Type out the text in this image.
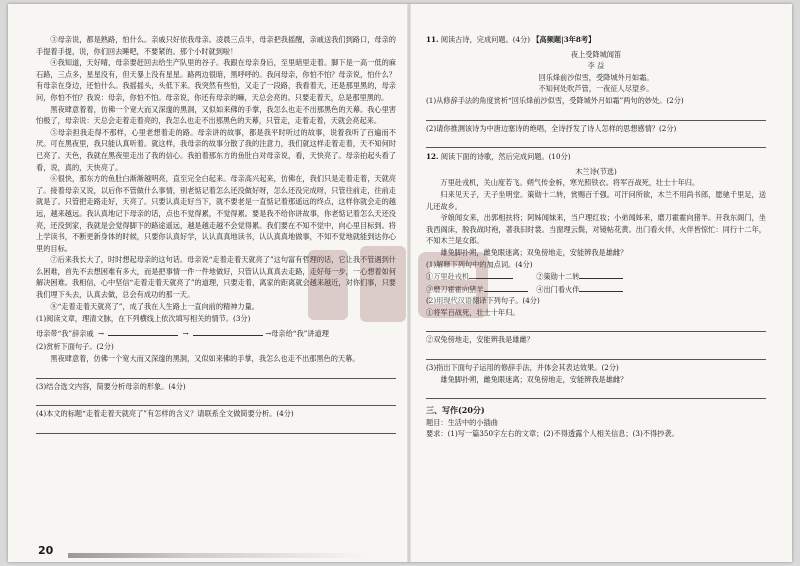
③母亲说，都是熟路，怕什么。亲戚只好依我母亲。凌晨三点半，母亲把我摇醒，亲戚送我们到路口，母亲的手提着手提，说，你们回去睡吧，不要紧的。那个小时就到啦！

④我知道，天好晴，母亲要赶回去给生产队里的谷子。我跟在母亲身后，至里暗里走着。脚下是一高一低的麻石路，三点多，星星没有，但天暴上没有星星。路两边很暗，黑呼呼的。我问母亲，你怕不怕？母亲说，怕什么？有母亲在身边，还怕什么。我摇摇头，头低下来。我突然有些怕，又走了一段路，我看着天，还是那里黑的，母亲问，你怕不怕？我说：母亲，你怕不怕。母亲说，你还有母亲的嘛，天总会亮的。只要走着天，总是那里黑的。

黑夜肆意着着，仿佛一个宽大而又深邃的黑洞，又似如来佛的手掌，我怎么也走不出那黑色的天幕。我心里害怕极了，母亲说：天总会走着走着亮的，我怎么也走不出那黑色的天幕，只管走，走着走着，天就会亮起来。

⑤母亲担我走得不那样，心里老想着走的路。母亲讲的故事，都是我平时听过的故事，说着我听了百遍而不厌。可在黑夜里，我只能认真听着。就这样，我母亲的故事分散了我的注意力，我们就这样走着走着，天不知何时已亮了。天色，我就在黑夜里走出了我的信心。我拍着那东方的鱼肚白对母亲说，看，天快亮了。母亲拍起头看了看，说，真的，天快亮了。

⑥很快，那东方的鱼肚白渐渐越明亮，直至完全白起来。母亲高兴起来，仿佛在，我们只是走着走着，天就亮了。接着母亲又说，以后你不管做什么事情，别老惦记着怎么还没做好呀，怎么还没完成呀，只管往前走，往前走就是了。只管把走路走好，天亮了。只要认真走好当下，就不要老是一直惦记着那遥远的终点，这样你就会走的越远，越来越远。我认真地记下母亲的话，点也不觉得累，不觉得累。要是我不给你讲故事，你老惦记着怎么天还没亮，还没到家，我就是会觉得脚下的路途遥远，越是越走越不会觉得累。我们要在不知不觉中，向心里目标到。将上学读书，不断更新身体的时候，只要你认真好学，认认真真地读书，认认真真地做事，不知不觉地就能到达你心里的目标。

⑦后来我长大了，时时想起母亲的这句话。母亲说“走着走着天就亮了”这句富有哲理的话，它让我不管遇到什么困难，首先不去想困难有多大，而是把事情一件一件地做好，只管认认真真去走路，走好每一步，一心想着如何解决困难。我相信，心中坚信“走着走着天就亮了”的道理，只要走着，离家的距离就会越来越近，对你们事，只要我们埋下头去，认真去做，总会有成功的那一天。

⑧“走着走着天就亮了”，成了我在人生路上一直向前的精神力量。

(1)阅读文章，理清文脉，在下列横线上依次填写相关的情节。(3分)

母亲带“我”辞亲戚 →	→	→母亲给“我”讲道理

(2)赏析下面句子。(2分)

黑夜肆意着，仿佛一个宽大而又深邃的黑洞，又似如来佛的手掌，我怎么也走不出那黑色的天幕。

(3)结合选文内容，简要分析母亲的形象。(4分)

(4)本文的标题“走着走着天就亮了”有怎样的含义？请联系全文做简要分析。(4分)

11. 阅读古诗，完成问题。(4分) 【高频题|3年8考】

夜上受降城闻笛

李 益

回乐烽前沙似雪，受降城外月如霜。

不知何处吹芦管，一夜征人尽望乡。

(1)从修辞手法的角度赏析“回乐烽前沙似雪，受降城外月如霜”两句的妙处。(2分)

(2)请你推测该诗为中唐边塞诗的绝唱，全诗抒发了诗人怎样的思想感情？(2分)

12. 阅读下面的诗歌，然后完成问题。(10分)

木兰诗(节选)

万里赴戎机，关山度若飞。朔气传金柝，寒光照铁衣。将军百战死，壮士十年归。

归来见天子，天子坐明堂。策勋十二转，赏赐百千强。可汗问所欲，木兰不用尚书郎，愿驰千里足，送儿还故乡。

爷娘闻女来，出郭相扶将；阿姊闻妹来，当户理红妆；小弟闻姊来，磨刀霍霍向猪羊。开我东阁门，坐我西阁床，脱我战时袍，著我旧时裳。当窗理云鬓，对镜帖花黄。出门看火伴，火伴皆惊忙：同行十二年，不知木兰是女郎。

雄兔脚扑朔，雌兔眼迷离；双兔傍地走，安能辨我是雄雌？

(1)解释下列句中的加点词。(4分)

①万里赴戎机	②策勋十二转
③磨刀霍霍向猪羊	④出门看火伴

(2)用现代汉语翻译下列句子。(4分)

①将军百战死，壮士十年归。

②双兔傍地走，安能辨我是雄雌？

(3)指出下面句子运用的修辞手法，并体会其表达效果。(2分)

雄兔脚扑朔，雌兔眼迷离；双兔傍地走，安能辨我是雄雌？

三、写作(20分)

题目：生活中的小插曲

要求：(1)写一篇350字左右的文章；(2)不得透露个人相关信息；(3)不得抄袭。

20
